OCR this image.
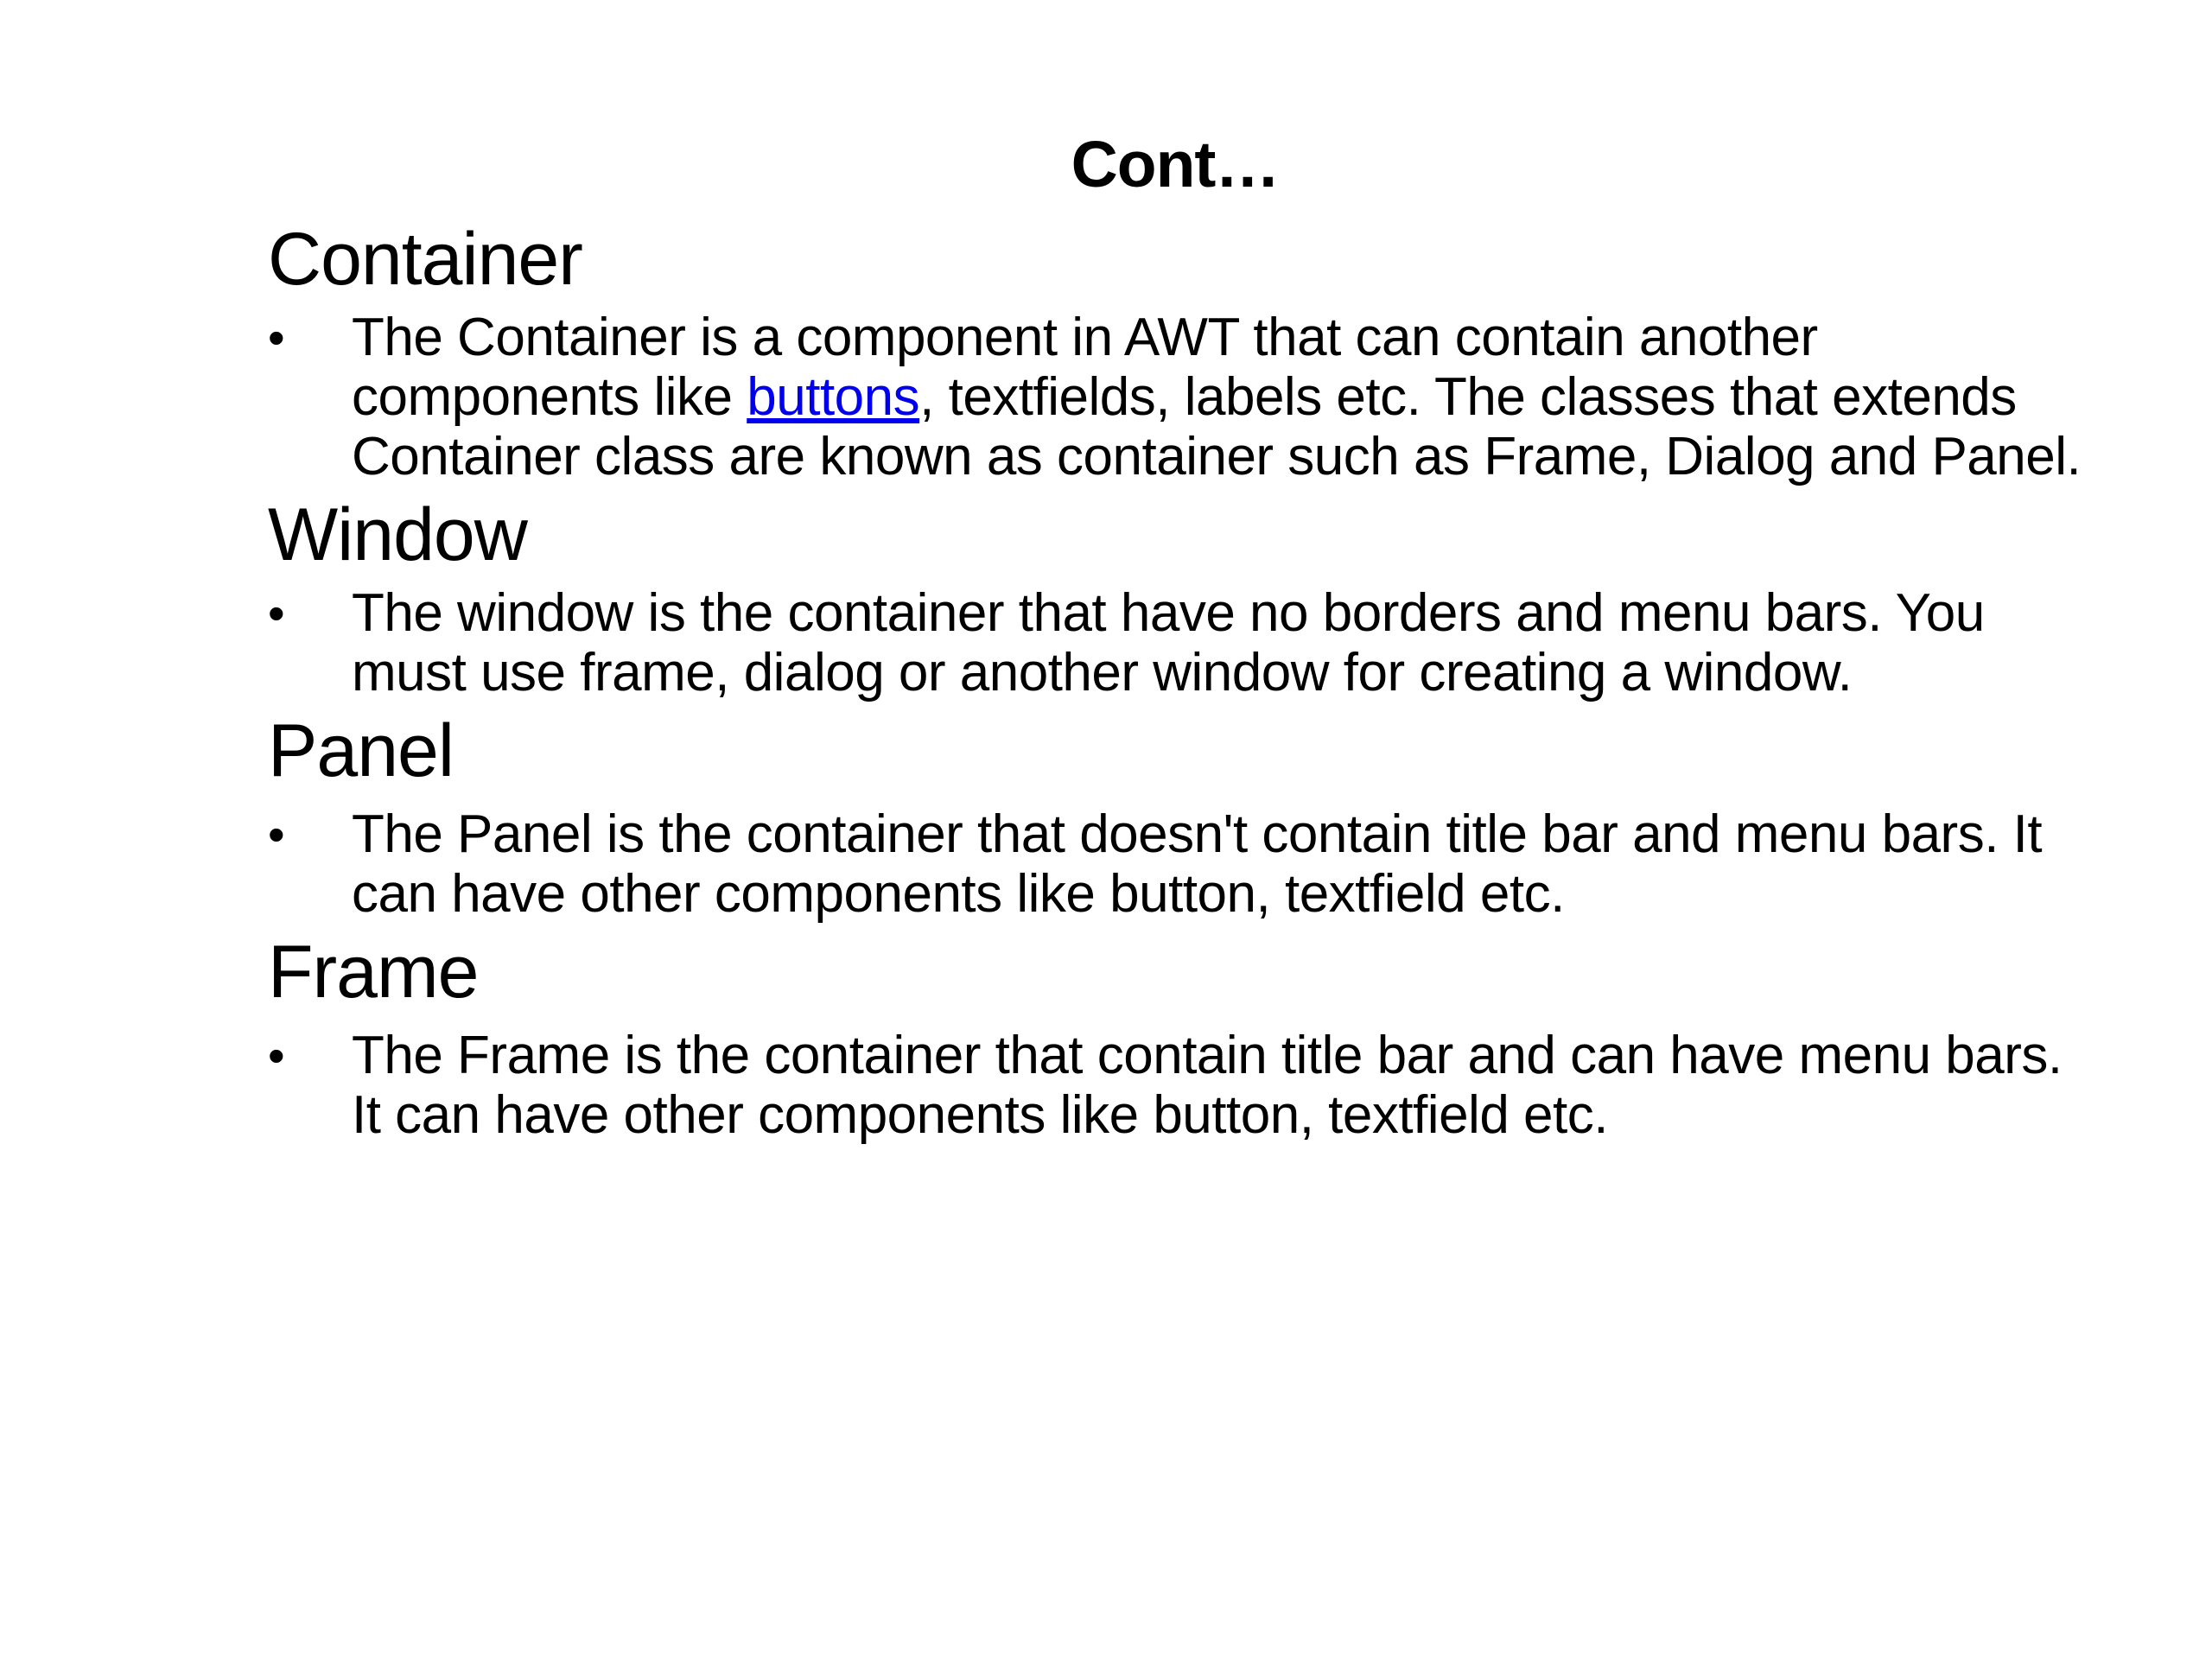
Cont…
Container
•	The Container is a component in AWT that can contain another components like buttons, textfields, labels etc. The classes that extends Container class are known as container such as Frame, Dialog and Panel.
Window
•	The window is the container that have no borders and menu bars. You must use frame, dialog or another window for creating a window.
Panel
•	The Panel is the container that doesn't contain title bar and menu bars. It can have other components like button, textfield etc.
Frame
•	The Frame is the container that contain title bar and can have menu bars. It can have other components like button, textfield etc.
